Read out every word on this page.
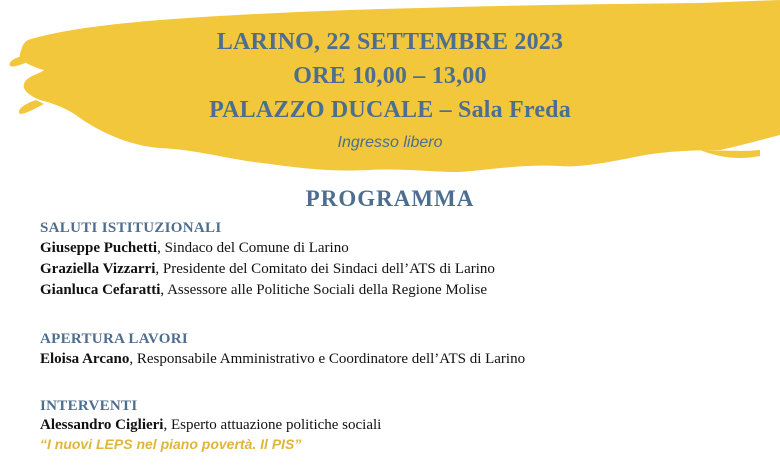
LARINO, 22 SETTEMBRE 2023
ORE 10,00 – 13,00
PALAZZO DUCALE – Sala Freda
Ingresso libero
PROGRAMMA
SALUTI ISTITUZIONALI
Giuseppe Puchetti, Sindaco del Comune di Larino
Graziella Vizzarri, Presidente del Comitato dei Sindaci dell’ATS di Larino
Gianluca Cefaratti, Assessore alle Politiche Sociali della Regione Molise
APERTURA LAVORI
Eloisa Arcano, Responsabile Amministrativo e Coordinatore dell’ATS di Larino
INTERVENTI
Alessandro Ciglieri, Esperto attuazione politiche sociali
“I nuovi LEPS nel piano povertà. Il PIS”
